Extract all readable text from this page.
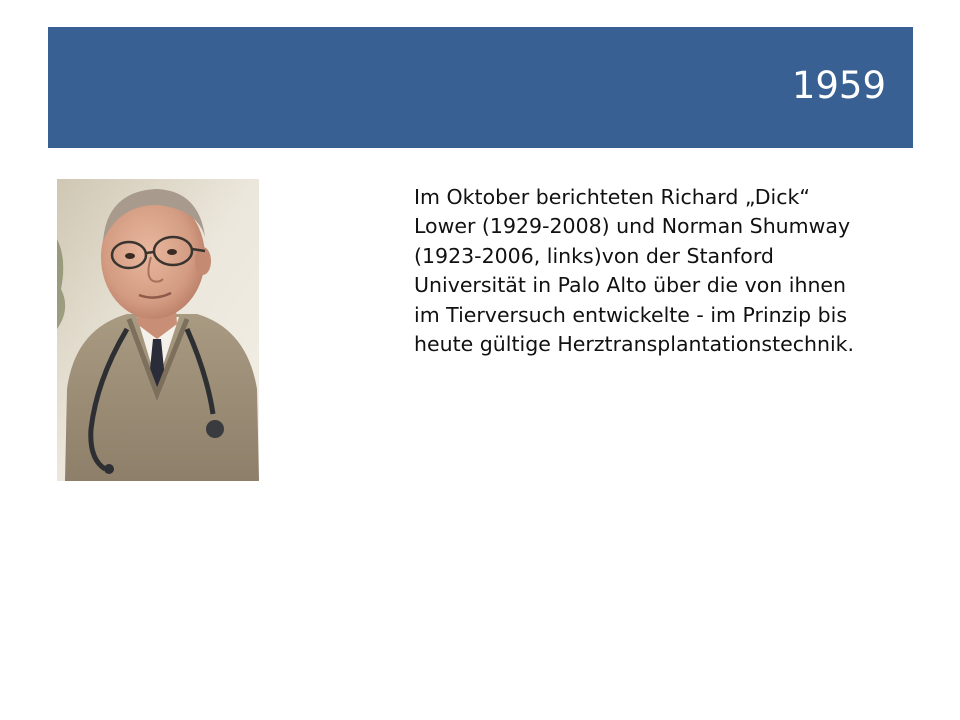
1959
Im Oktober berichteten Richard „Dick“
Lower (1929-2008) und Norman Shumway
(1923-2006, links)von der Stanford
Universität in Palo Alto über die von ihnen
im Tierversuch entwickelte - im Prinzip bis
heute gültige Herztransplantationstechnik.
